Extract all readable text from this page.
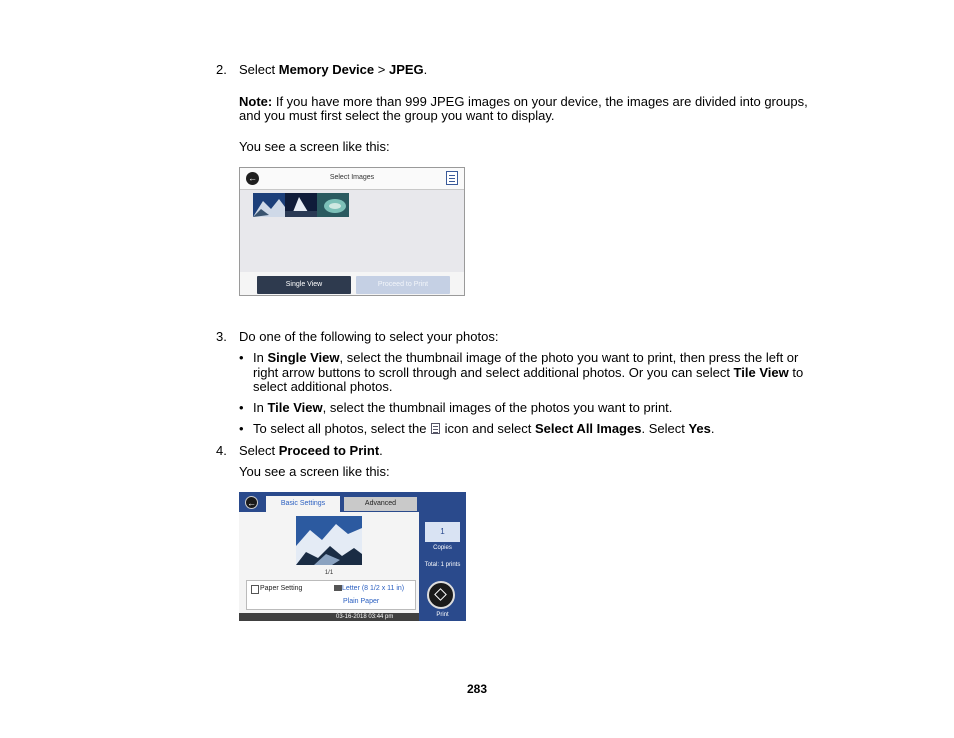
2. Select Memory Device > JPEG.
Note: If you have more than 999 JPEG images on your device, the images are divided into groups,
and you must first select the group you want to display.
You see a screen like this:
←	Select Images
Single View	Proceed to Print
3. Do one of the following to select your photos:
• In Single View, select the thumbnail image of the photo you want to print, then press the left or
right arrow buttons to scroll through and select additional photos. Or you can select Tile View to
select additional photos.
• In Tile View, select the thumbnail images of the photos you want to print.
• To select all photos, select the
icon and select Select All Images. Select Yes.
4. Select Proceed to Print.
You see a screen like this:
←	Basic Settings	Advanced
1/1
Paper Setting	Letter (8 1/2 x 11 in)
Plain Paper
03-16-2018 03:44 pm
1
Copies
Total: 1 prints
Print
283
